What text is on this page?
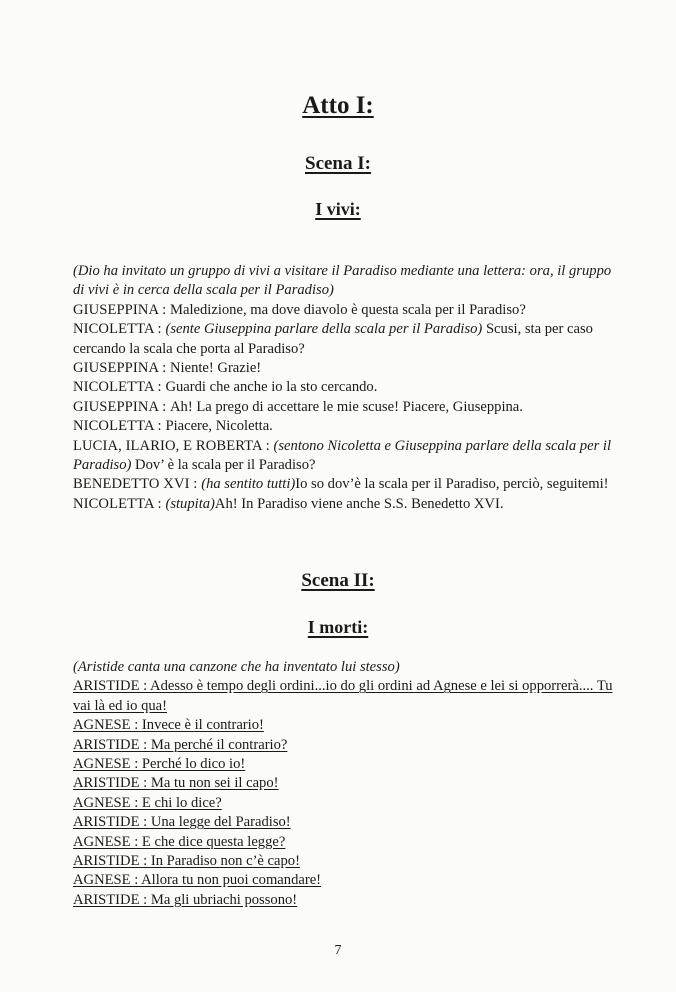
Atto I:
Scena I:
I vivi:

(Dio ha invitato un gruppo di vivi a visitare il Paradiso mediante una lettera: ora, il gruppo di vivi è in cerca della scala per il Paradiso)

GIUSEPPINA : Maledizione, ma dove diavolo è questa scala per il Paradiso?

NICOLETTA : (sente Giuseppina parlare della scala per il Paradiso) Scusi, sta per caso cercando la scala che porta al Paradiso?

GIUSEPPINA : Niente! Grazie!

NICOLETTA : Guardi che anche io la sto cercando.

GIUSEPPINA : Ah! La prego di accettare le mie scuse! Piacere, Giuseppina.

NICOLETTA : Piacere, Nicoletta.

LUCIA, ILARIO, E ROBERTA : (sentono Nicoletta e Giuseppina parlare della scala per il Paradiso) Dov’ è la scala per il Paradiso?

BENEDETTO XVI : (ha sentito tutti)Io so dov’è la scala per il Paradiso, perciò, seguitemi!

NICOLETTA : (stupita)Ah! In Paradiso viene anche S.S. Benedetto XVI.

Scena II:
I morti:

(Aristide canta una canzone che ha inventato lui stesso)

ARISTIDE : Adesso è tempo degli ordini...io do gli ordini ad Agnese e lei si opporrerà.... Tu vai là ed io qua!

AGNESE : Invece è il contrario!

ARISTIDE : Ma perché il contrario?

AGNESE : Perché lo dico io!

ARISTIDE : Ma tu non sei il capo!

AGNESE : E chi lo dice?

ARISTIDE : Una legge del Paradiso!

AGNESE : E che dice questa legge?

ARISTIDE : In Paradiso non c’è capo!

AGNESE : Allora tu non puoi comandare!

ARISTIDE : Ma gli ubriachi possono!

7
